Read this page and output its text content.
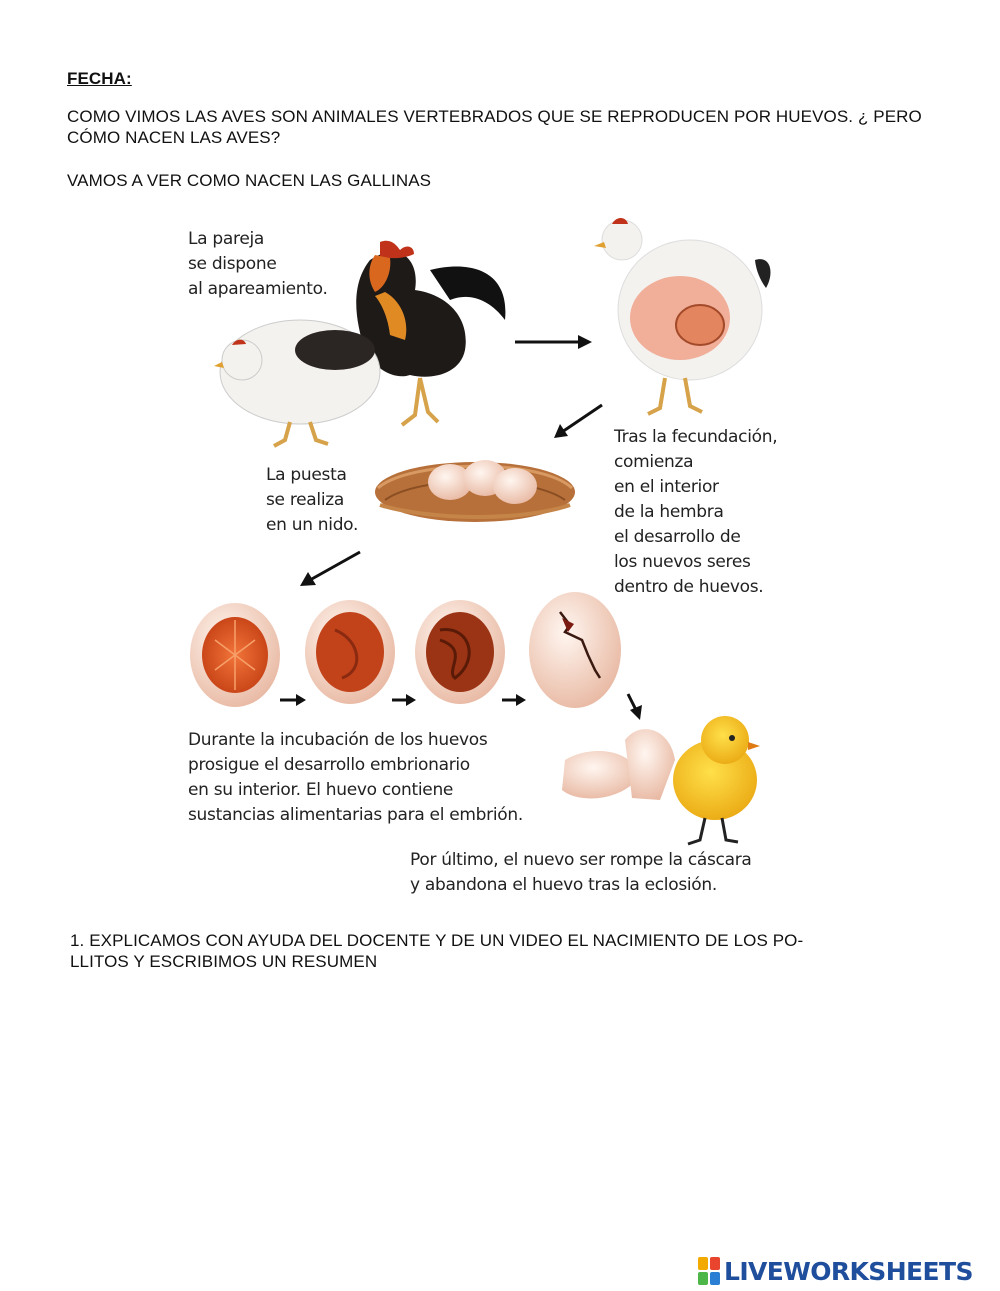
FECHA:
COMO VIMOS LAS AVES SON ANIMALES VERTEBRADOS QUE SE REPRODUCEN POR HUEVOS. ¿ PERO CÓMO NACEN LAS AVES?
VAMOS A VER COMO NACEN LAS GALLINAS
La pareja
se dispone
al apareamiento.
Tras la fecundación,
comienza
en el interior
de la hembra
el desarrollo de
los nuevos seres
dentro de huevos.
La puesta
se realiza
en un nido.
Durante la incubación de los huevos
prosigue el desarrollo embrionario
en su interior. El huevo contiene
sustancias alimentarias para el embrión.
Por último, el nuevo ser rompe la cáscara
y abandona el huevo tras la eclosión.
1. EXPLICAMOS CON AYUDA DEL DOCENTE Y DE UN VIDEO EL NACIMIENTO DE LOS PO-
LLITOS Y ESCRIBIMOS UN RESUMEN
LIVEWORKSHEETS
